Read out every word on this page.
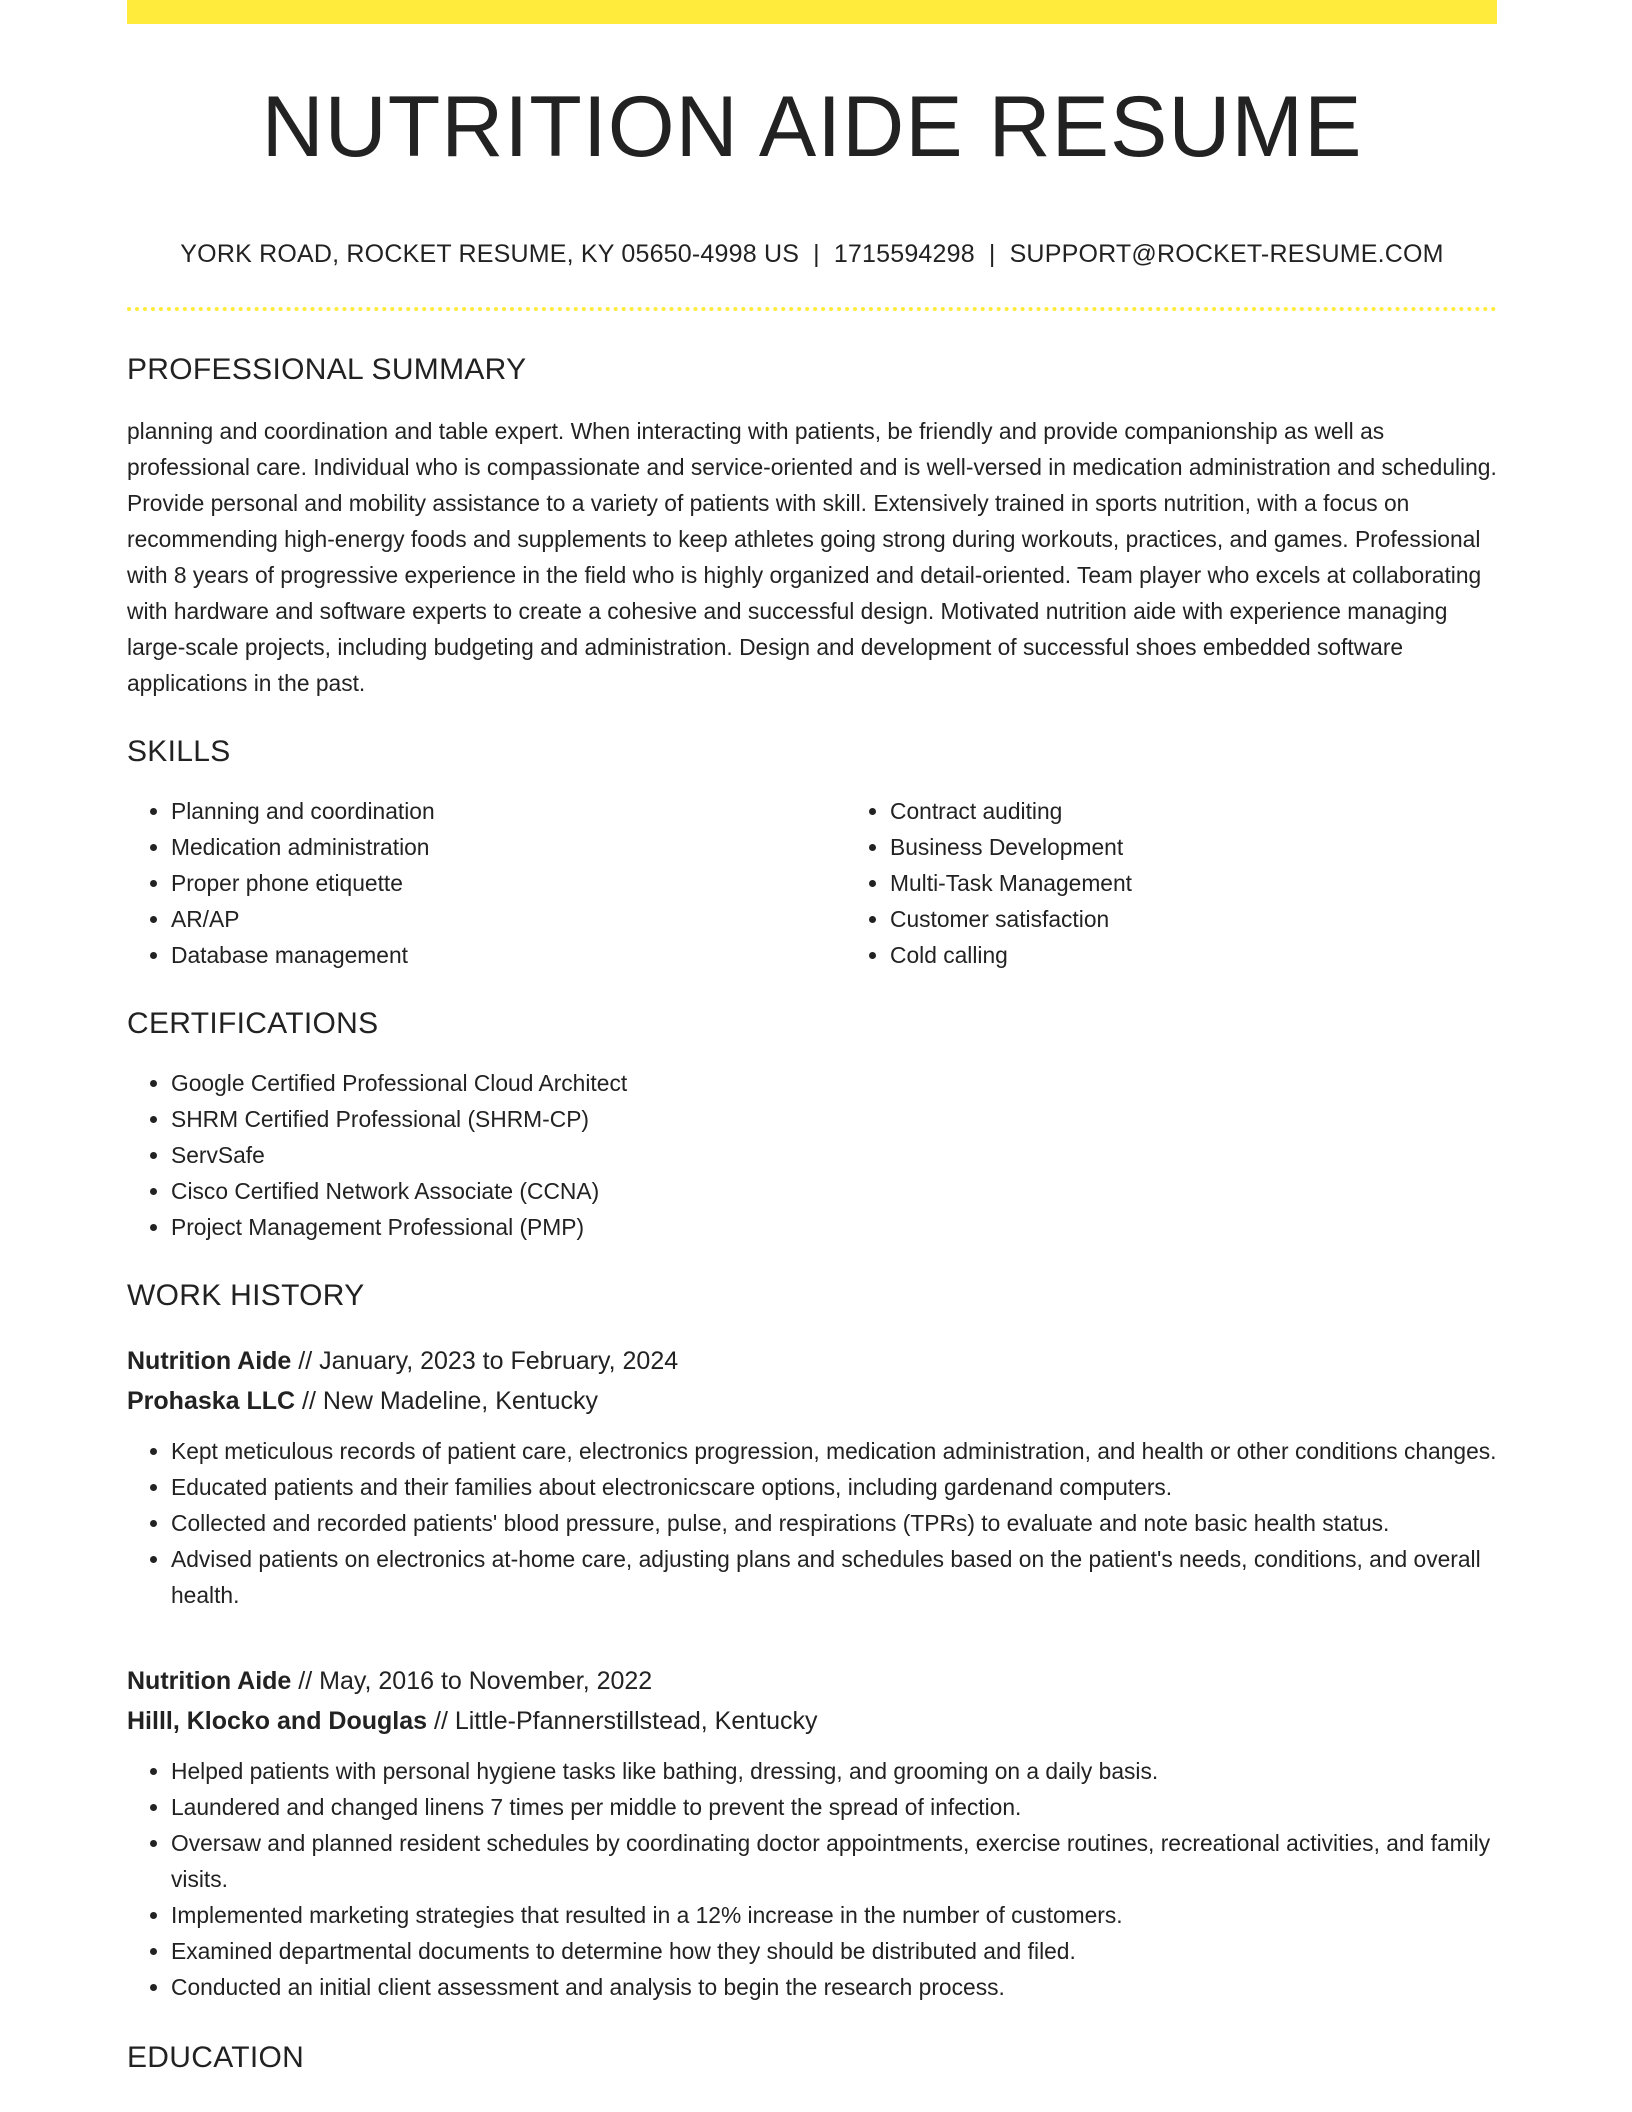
NUTRITION AIDE RESUME
YORK ROAD, ROCKET RESUME, KY 05650-4998 US | 1715594298 | SUPPORT@ROCKET-RESUME.COM
PROFESSIONAL SUMMARY

planning and coordination and table expert. When interacting with patients, be friendly and provide companionship as well as professional care. Individual who is compassionate and service-oriented and is well-versed in medication administration and scheduling. Provide personal and mobility assistance to a variety of patients with skill. Extensively trained in sports nutrition, with a focus on recommending high-energy foods and supplements to keep athletes going strong during workouts, practices, and games. Professional with 8 years of progressive experience in the field who is highly organized and detail-oriented. Team player who excels at collaborating with hardware and software experts to create a cohesive and successful design. Motivated nutrition aide with experience managing large-scale projects, including budgeting and administration. Design and development of successful shoes embedded software applications in the past.

SKILLS
• Planning and coordination
• Medication administration
• Proper phone etiquette
• AR/AP
• Database management
• Contract auditing
• Business Development
• Multi-Task Management
• Customer satisfaction
• Cold calling
CERTIFICATIONS
• Google Certified Professional Cloud Architect
• SHRM Certified Professional (SHRM-CP)
• ServSafe
• Cisco Certified Network Associate (CCNA)
• Project Management Professional (PMP)
WORK HISTORY
Nutrition Aide // January, 2023 to February, 2024
Prohaska LLC // New Madeline, Kentucky
• Kept meticulous records of patient care, electronics progression, medication administration, and health or other conditions changes.
• Educated patients and their families about electronicscare options, including gardenand computers.
• Collected and recorded patients' blood pressure, pulse, and respirations (TPRs) to evaluate and note basic health status.
• Advised patients on electronics at-home care, adjusting plans and schedules based on the patient's needs, conditions, and overall health.
Nutrition Aide // May, 2016 to November, 2022
Hilll, Klocko and Douglas // Little-Pfannerstillstead, Kentucky
• Helped patients with personal hygiene tasks like bathing, dressing, and grooming on a daily basis.
• Laundered and changed linens 7 times per middle to prevent the spread of infection.
• Oversaw and planned resident schedules by coordinating doctor appointments, exercise routines, recreational activities, and family visits.
• Implemented marketing strategies that resulted in a 12% increase in the number of customers.
• Examined departmental documents to determine how they should be distributed and filed.
• Conducted an initial client assessment and analysis to begin the research process.
EDUCATION
